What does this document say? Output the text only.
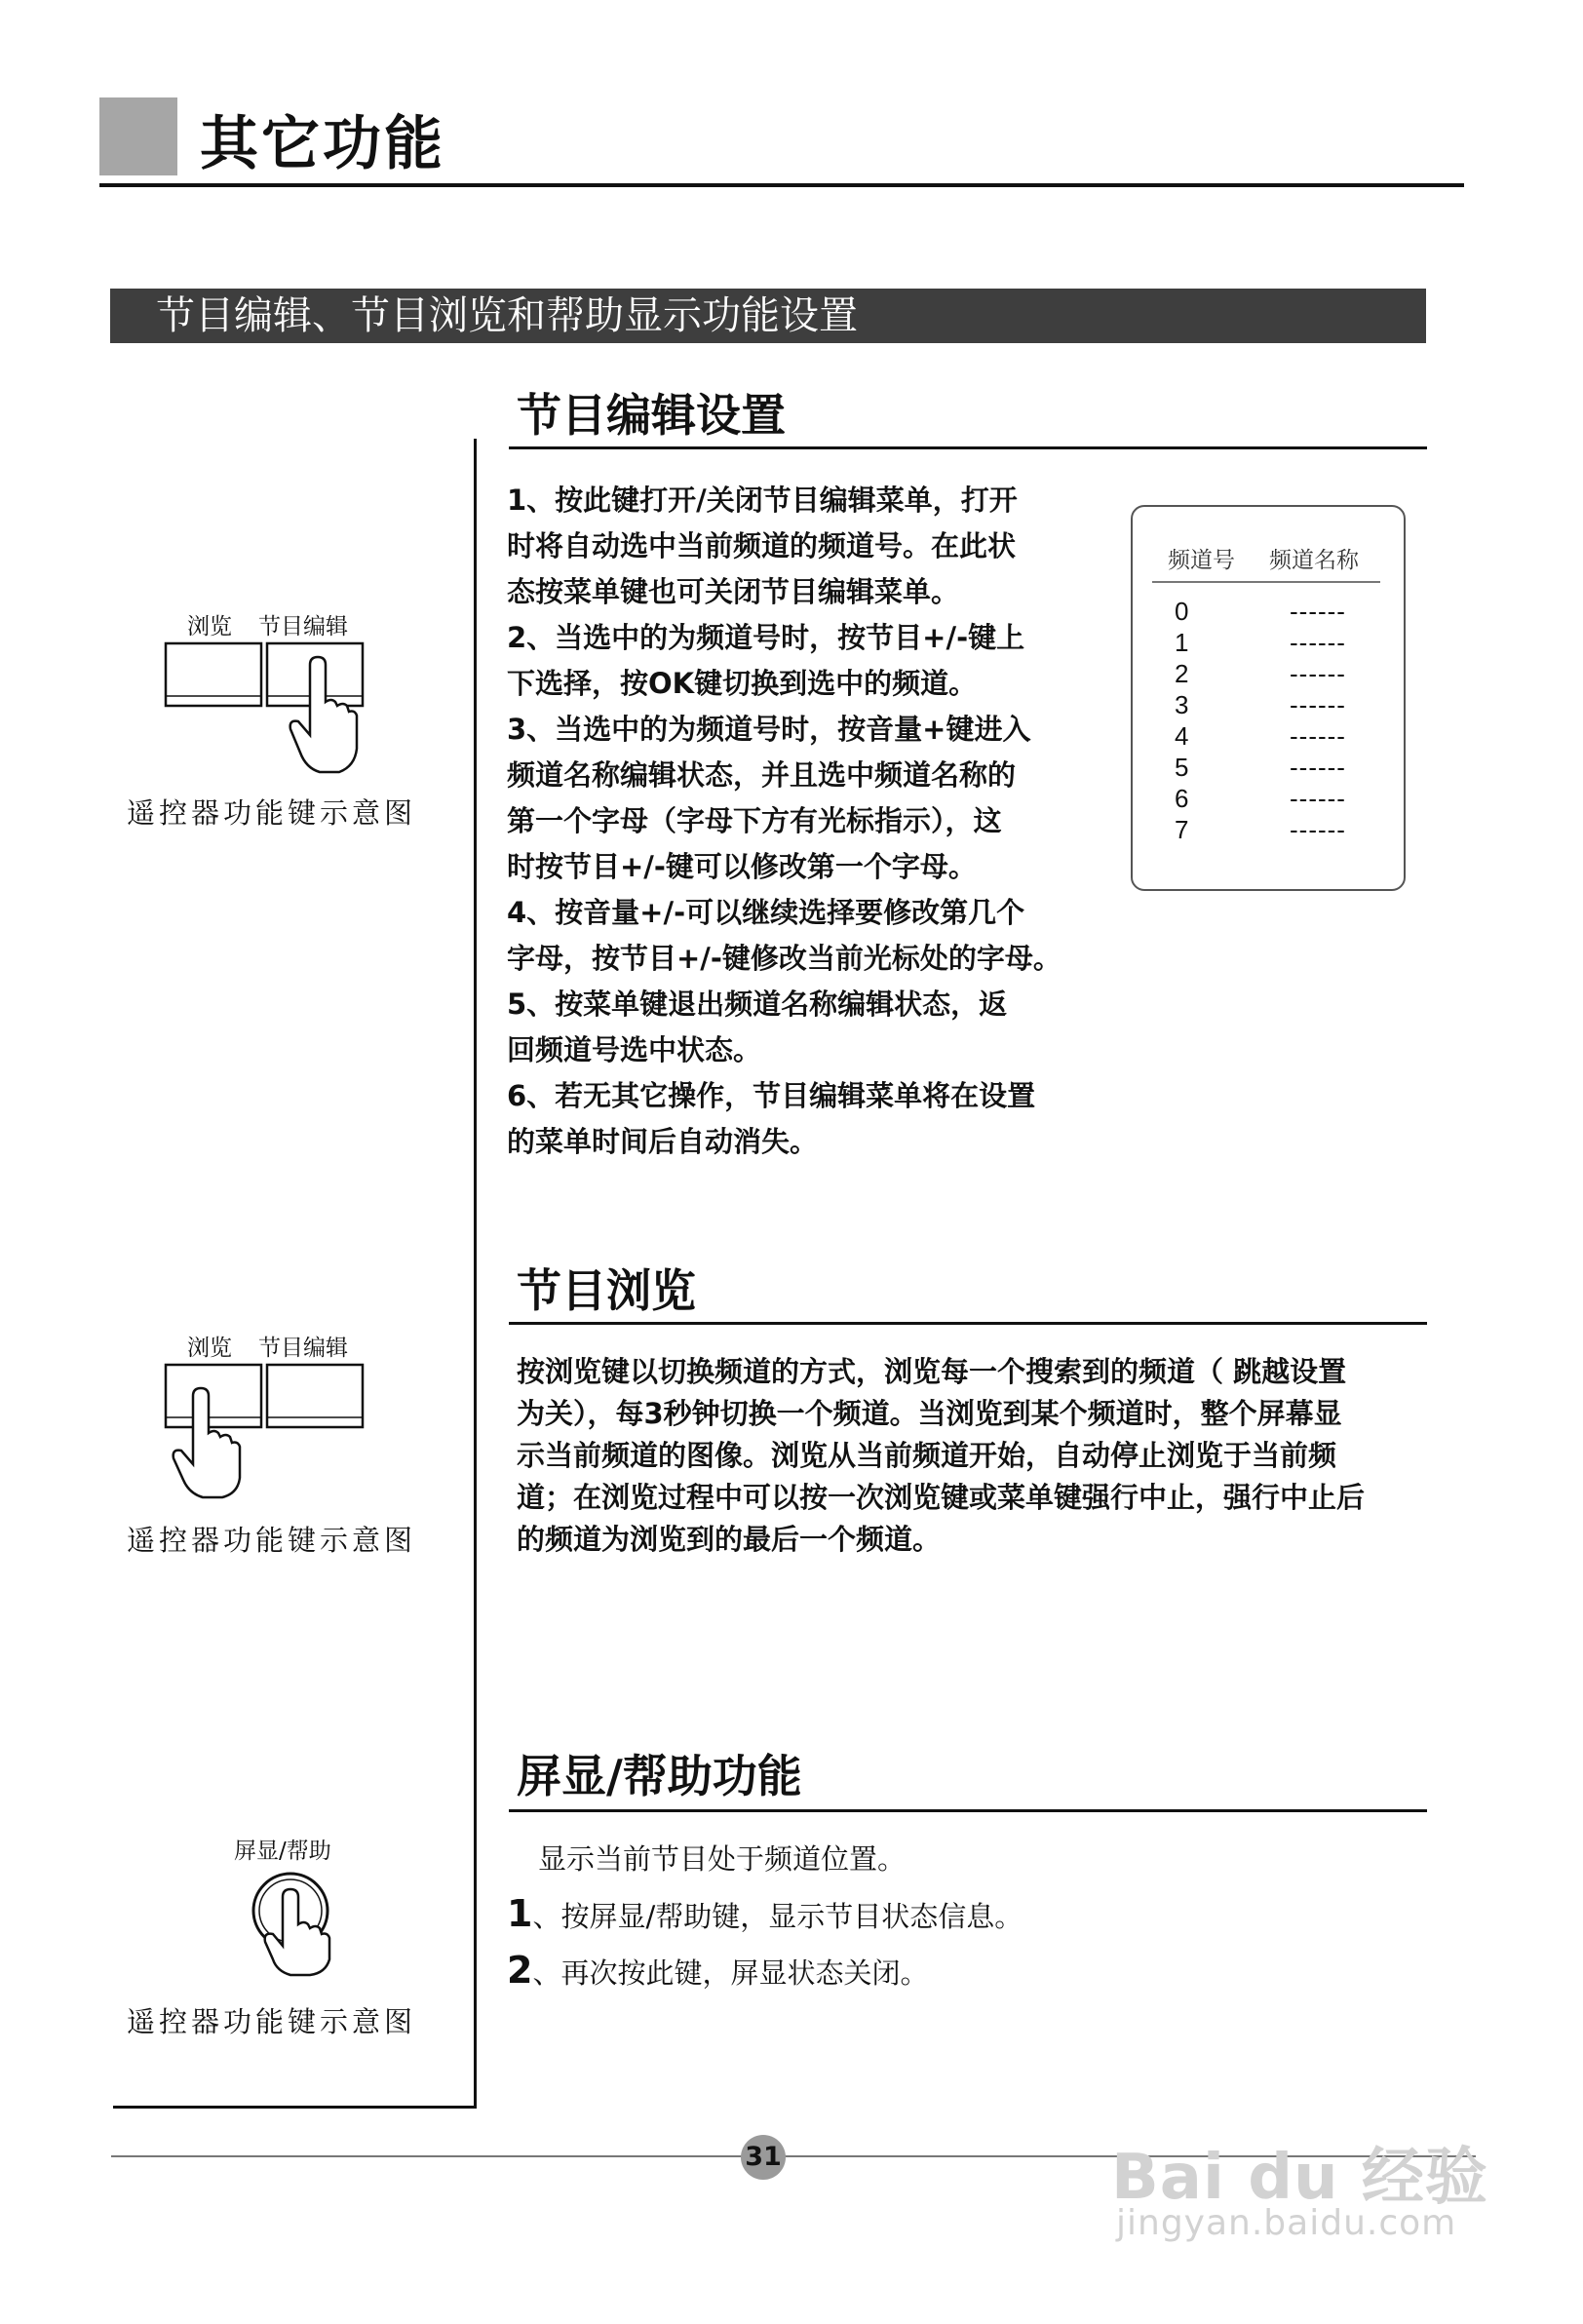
其它功能
节目编辑、节目浏览和帮助显示功能设置
节目编辑设置

1、按此键打开/关闭节目编辑菜单，打开

时将自动选中当前频道的频道号。在此状

态按菜单键也可关闭节目编辑菜单。

2、当选中的为频道号时，按节目+/-键上

下选择，按OK键切换到选中的频道。

3、当选中的为频道号时，按音量+键进入

频道名称编辑状态，并且选中频道名称的

第一个字母（字母下方有光标指示），这

时按节目+/-键可以修改第一个字母。

4、按音量+/-可以继续选择要修改第几个

字母，按节目+/-键修改当前光标处的字母。

5、按菜单键退出频道名称编辑状态，返

回频道号选中状态。

6、若无其它操作，节目编辑菜单将在设置

的菜单时间后自动消失。

频道号 频道名称
0	------
1	------
2	------
3	------
4	------
5	------
6	------
7	------
浏览 节目编辑
遥控器功能键示意图
节目浏览

按浏览键以切换频道的方式，浏览每一个搜索到的频道（ 跳越设置

为关），每3秒钟切换一个频道。当浏览到某个频道时，整个屏幕显

示当前频道的图像。浏览从当前频道开始，自动停止浏览于当前频

道；在浏览过程中可以按一次浏览键或菜单键强行中止，强行中止后

的频道为浏览到的最后一个频道。

浏览 节目编辑
遥控器功能键示意图
屏显/帮助功能
显示当前节目处于频道位置。
1、按屏显/帮助键，显示节目状态信息。
2、再次按此键，屏显状态关闭。
屏显/帮助
遥控器功能键示意图
31	Bai du 经验
jingyan.baidu.com
